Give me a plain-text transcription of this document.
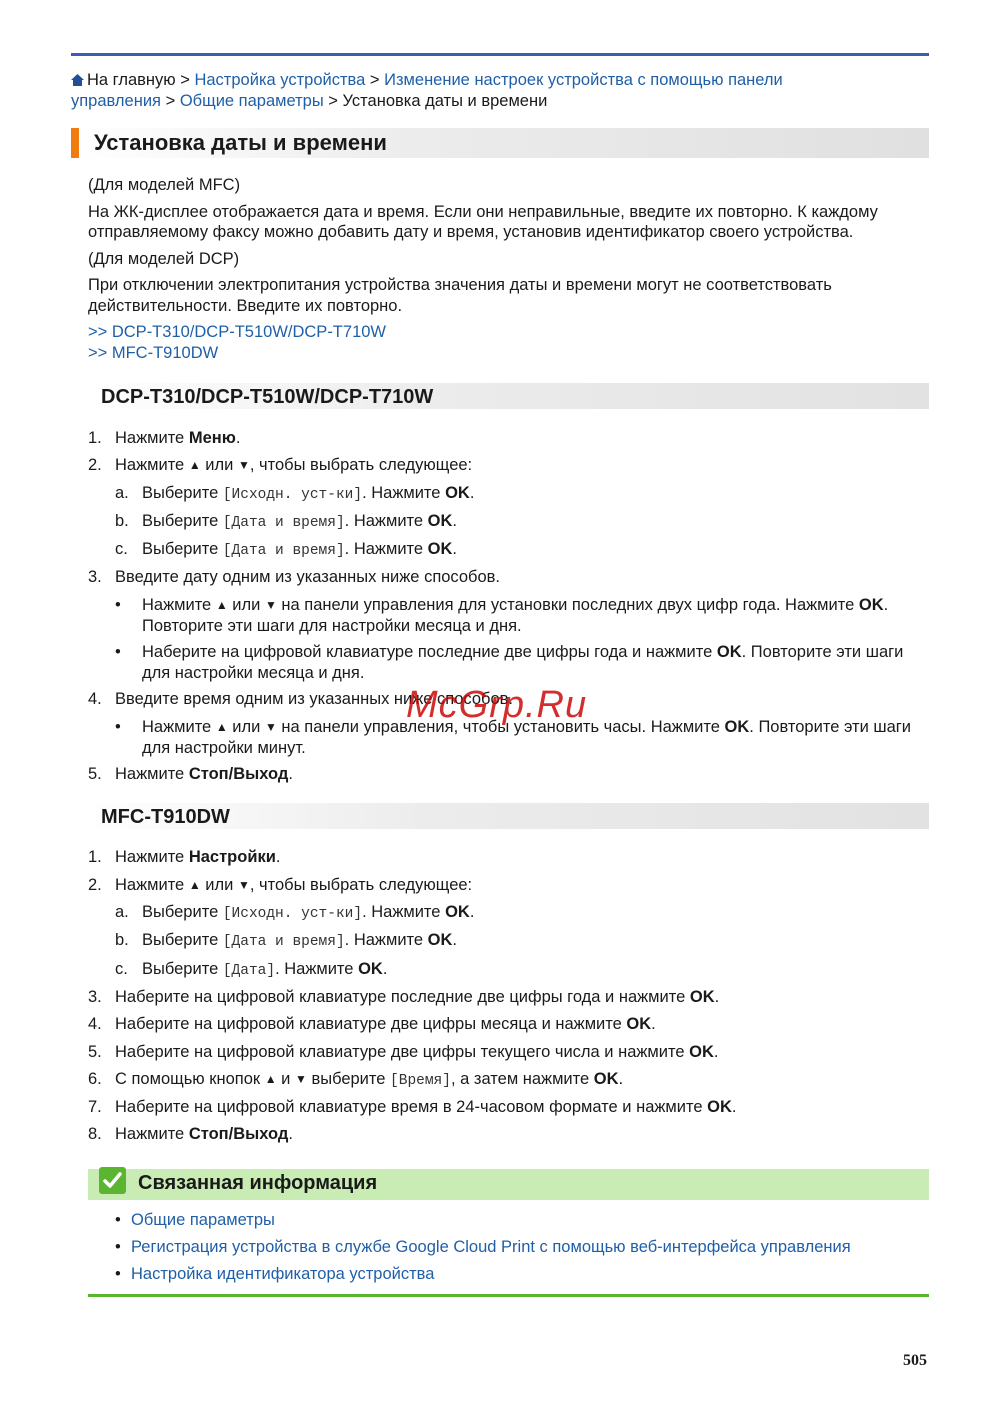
На главную > Настройка устройства > Изменение настроек устройства с помощью панели
управления > Общие параметры > Установка даты и времени
Установка даты и времени

(Для моделей MFC)

На ЖК-дисплее отображается дата и время. Если они неправильные, введите их повторно. К каждому

отправляемому факсу можно добавить дату и время, установив идентификатор своего устройства.

(Для моделей DCP)

При отключении электропитания устройства значения даты и времени могут не соответствовать

действительности. Введите их повторно.

>> DCP-T310/DCP-T510W/DCP-T710W

>> MFC-T910DW

DCP-T310/DCP-T510W/DCP-T710W
1. Нажмите Меню.
2. Нажмите ▲ или ▼, чтобы выбрать следующее:
a. Выберите [Исходн. уст-ки]. Нажмите OK.
b. Выберите [Дата и время]. Нажмите OK.
c. Выберите [Дата и время]. Нажмите OK.
3. Введите дату одним из указанных ниже способов.
• Нажмите ▲ или ▼ на панели управления для установки последних двух цифр года. Нажмите OK.
Повторите эти шаги для настройки месяца и дня.
• Наберите на цифровой клавиатуре последние две цифры года и нажмите OK. Повторите эти шаги
для настройки месяца и дня.
4. Введите время одним из указанных ниже способов.
• Нажмите ▲ или ▼ на панели управления, чтобы установить часы. Нажмите OK. Повторите эти шаги
для настройки минут.
5. Нажмите Стоп/Выход.
MFC-T910DW
1. Нажмите Настройки.
2. Нажмите ▲ или ▼, чтобы выбрать следующее:
a. Выберите [Исходн. уст-ки]. Нажмите OK.
b. Выберите [Дата и время]. Нажмите OK.
c. Выберите [Дата]. Нажмите OK.
3. Наберите на цифровой клавиатуре последние две цифры года и нажмите OK.
4. Наберите на цифровой клавиатуре две цифры месяца и нажмите OK.
5. Наберите на цифровой клавиатуре две цифры текущего числа и нажмите OK.
6. С помощью кнопок ▲ и ▼ выберите [Время], а затем нажмите OK.
7. Наберите на цифровой клавиатуре время в 24-часовом формате и нажмите OK.
8. Нажмите Стоп/Выход.
Связанная информация
• Общие параметры
• Регистрация устройства в службе Google Cloud Print с помощью веб-интерфейса управления
• Настройка идентификатора устройства
McGrp.Ru
505
